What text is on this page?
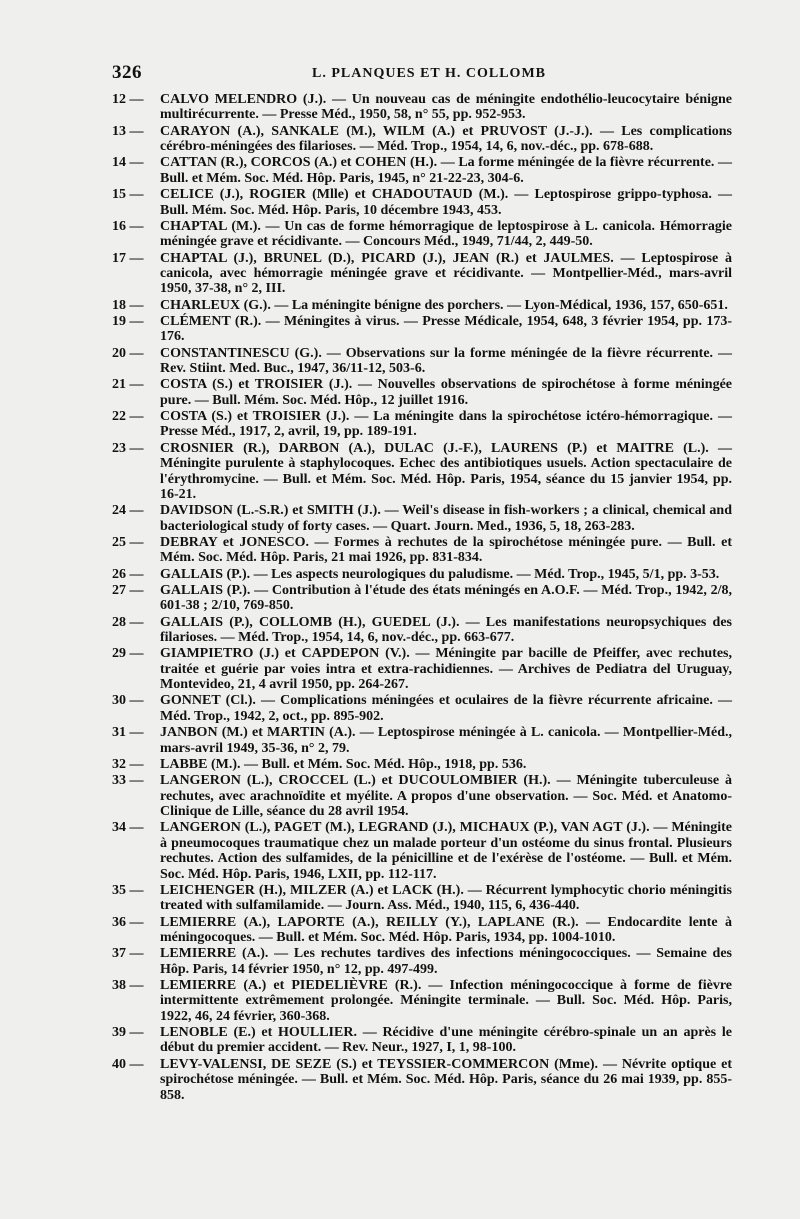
326	L. PLANQUES ET H. COLLOMB
12 —	CALVO MELENDRO (J.). — Un nouveau cas de méningite endothélio-leucocytaire bénigne multirécurrente. — Presse Méd., 1950, 58, n° 55, pp. 952-953.
13 —	CARAYON (A.), SANKALE (M.), WILM (A.) et PRUVOST (J.-J.). — Les complications cérébro-méningées des filarioses. — Méd. Trop., 1954, 14, 6, nov.-déc., pp. 678-688.
14 —	CATTAN (R.), CORCOS (A.) et COHEN (H.). — La forme méningée de la fièvre récurrente. — Bull. et Mém. Soc. Méd. Hôp. Paris, 1945, n° 21-22-23, 304-6.
15 —	CELICE (J.), ROGIER (Mlle) et CHADOUTAUD (M.). — Leptospirose grippo-typhosa. — Bull. Mém. Soc. Méd. Hôp. Paris, 10 décembre 1943, 453.
16 —	CHAPTAL (M.). — Un cas de forme hémorragique de leptospirose à L. canicola. Hémorragie méningée grave et récidivante. — Concours Méd., 1949, 71/44, 2, 449-50.
17 —	CHAPTAL (J.), BRUNEL (D.), PICARD (J.), JEAN (R.) et JAULMES. — Leptospirose à canicola, avec hémorragie méningée grave et récidivante. — Montpellier-Méd., mars-avril 1950, 37-38, n° 2, III.
18 —	CHARLEUX (G.). — La méningite bénigne des porchers. — Lyon-Médical, 1936, 157, 650-651.
19 —	CLÉMENT (R.). — Méningites à virus. — Presse Médicale, 1954, 648, 3 février 1954, pp. 173-176.
20 —	CONSTANTINESCU (G.). — Observations sur la forme méningée de la fièvre récurrente. — Rev. Stiint. Med. Buc., 1947, 36/11-12, 503-6.
21 —	COSTA (S.) et TROISIER (J.). — Nouvelles observations de spirochétose à forme méningée pure. — Bull. Mém. Soc. Méd. Hôp., 12 juillet 1916.
22 —	COSTA (S.) et TROISIER (J.). — La méningite dans la spirochétose ictéro-hémorragique. — Presse Méd., 1917, 2, avril, 19, pp. 189-191.
23 —	CROSNIER (R.), DARBON (A.), DULAC (J.-F.), LAURENS (P.) et MAITRE (L.). — Méningite purulente à staphylocoques. Echec des antibiotiques usuels. Action spectaculaire de l'érythromycine. — Bull. et Mém. Soc. Méd. Hôp. Paris, 1954, séance du 15 janvier 1954, pp. 16-21.
24 —	DAVIDSON (L.-S.R.) et SMITH (J.). — Weil's disease in fish-workers ; a clinical, chemical and bacteriological study of forty cases. — Quart. Journ. Med., 1936, 5, 18, 263-283.
25 —	DEBRAY et JONESCO. — Formes à rechutes de la spirochétose méningée pure. — Bull. et Mém. Soc. Méd. Hôp. Paris, 21 mai 1926, pp. 831-834.
26 —	GALLAIS (P.). — Les aspects neurologiques du paludisme. — Méd. Trop., 1945, 5/1, pp. 3-53.
27 —	GALLAIS (P.). — Contribution à l'étude des états méningés en A.O.F. — Méd. Trop., 1942, 2/8, 601-38 ; 2/10, 769-850.
28 —	GALLAIS (P.), COLLOMB (H.), GUEDEL (J.). — Les manifestations neuropsychiques des filarioses. — Méd. Trop., 1954, 14, 6, nov.-déc., pp. 663-677.
29 —	GIAMPIETRO (J.) et CAPDEPON (V.). — Méningite par bacille de Pfeiffer, avec rechutes, traitée et guérie par voies intra et extra-rachidiennes. — Archives de Pediatra del Uruguay, Montevideo, 21, 4 avril 1950, pp. 264-267.
30 —	GONNET (Cl.). — Complications méningées et oculaires de la fièvre récurrente africaine. — Méd. Trop., 1942, 2, oct., pp. 895-902.
31 —	JANBON (M.) et MARTIN (A.). — Leptospirose méningée à L. canicola. — Montpellier-Méd., mars-avril 1949, 35-36, n° 2, 79.
32 —	LABBE (M.). — Bull. et Mém. Soc. Méd. Hôp., 1918, pp. 536.
33 —	LANGERON (L.), CROCCEL (L.) et DUCOULOMBIER (H.). — Méningite tuberculeuse à rechutes, avec arachnoïdite et myélite. A propos d'une observation. — Soc. Méd. et Anatomo-Clinique de Lille, séance du 28 avril 1954.
34 —	LANGERON (L.), PAGET (M.), LEGRAND (J.), MICHAUX (P.), VAN AGT (J.). — Méningite à pneumocoques traumatique chez un malade porteur d'un ostéome du sinus frontal. Plusieurs rechutes. Action des sulfamides, de la pénicilline et de l'exérèse de l'ostéome. — Bull. et Mém. Soc. Méd. Hôp. Paris, 1946, LXII, pp. 112-117.
35 —	LEICHENGER (H.), MILZER (A.) et LACK (H.). — Récurrent lymphocytic chorio méningitis treated with sulfamilamide. — Journ. Ass. Méd., 1940, 115, 6, 436-440.
36 —	LEMIERRE (A.), LAPORTE (A.), REILLY (Y.), LAPLANE (R.). — Endocardite lente à méningocoques. — Bull. et Mém. Soc. Méd. Hôp. Paris, 1934, pp. 1004-1010.
37 —	LEMIERRE (A.). — Les rechutes tardives des infections méningococciques. — Semaine des Hôp. Paris, 14 février 1950, n° 12, pp. 497-499.
38 —	LEMIERRE (A.) et PIEDELIÈVRE (R.). — Infection méningococcique à forme de fièvre intermittente extrêmement prolongée. Méningite terminale. — Bull. Soc. Méd. Hôp. Paris, 1922, 46, 24 février, 360-368.
39 —	LENOBLE (E.) et HOULLIER. — Récidive d'une méningite cérébro-spinale un an après le début du premier accident. — Rev. Neur., 1927, I, 1, 98-100.
40 —	LEVY-VALENSI, DE SEZE (S.) et TEYSSIER-COMMERCON (Mme). — Névrite optique et spirochétose méningée. — Bull. et Mém. Soc. Méd. Hôp. Paris, séance du 26 mai 1939, pp. 855-858.
